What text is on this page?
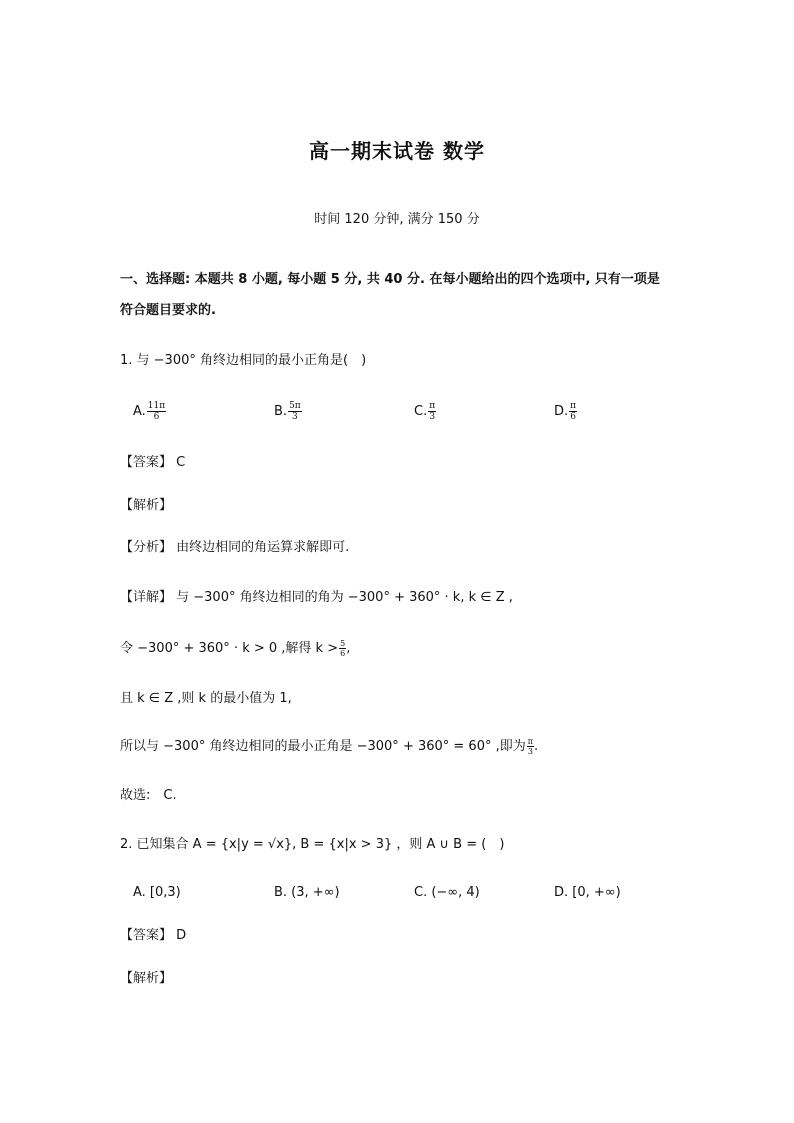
高一期末试卷 数学
时间 120 分钟, 满分 150 分
一、选择题: 本题共 8 小题, 每小题 5 分, 共 40 分. 在每小题给出的四个选项中, 只有一项是
符合题目要求的.
1. 与 −300° 角终边相同的最小正角是(　)
A. $\frac{11\pi}{6}$	B. $\frac{5\pi}{3}$	C. $\frac{\pi}{3}$	D. $\frac{\pi}{6}$
【答案】 C
【解析】
【分析】 由终边相同的角运算求解即可.
【详解】 与 −300° 角终边相同的角为 −300° + 360° · k, k ∈ Z ,
令 −300° + 360° · k > 0 ,解得 $k > \frac{5}{6}$ ,
且 k ∈ Z ,则 k 的最小值为 1,
所以与 −300° 角终边相同的最小正角是 −300° + 360° = 60° ,即为 $\frac{\pi}{3}$ .
故选:　C.
2. 已知集合 A = {x|y = √x}, B = {x|x > 3} ，则 A ∪ B = (　)
A. [0,3)	B. (3, +∞)	C. (−∞, 4)	D. [0, +∞)
【答案】 D
【解析】
